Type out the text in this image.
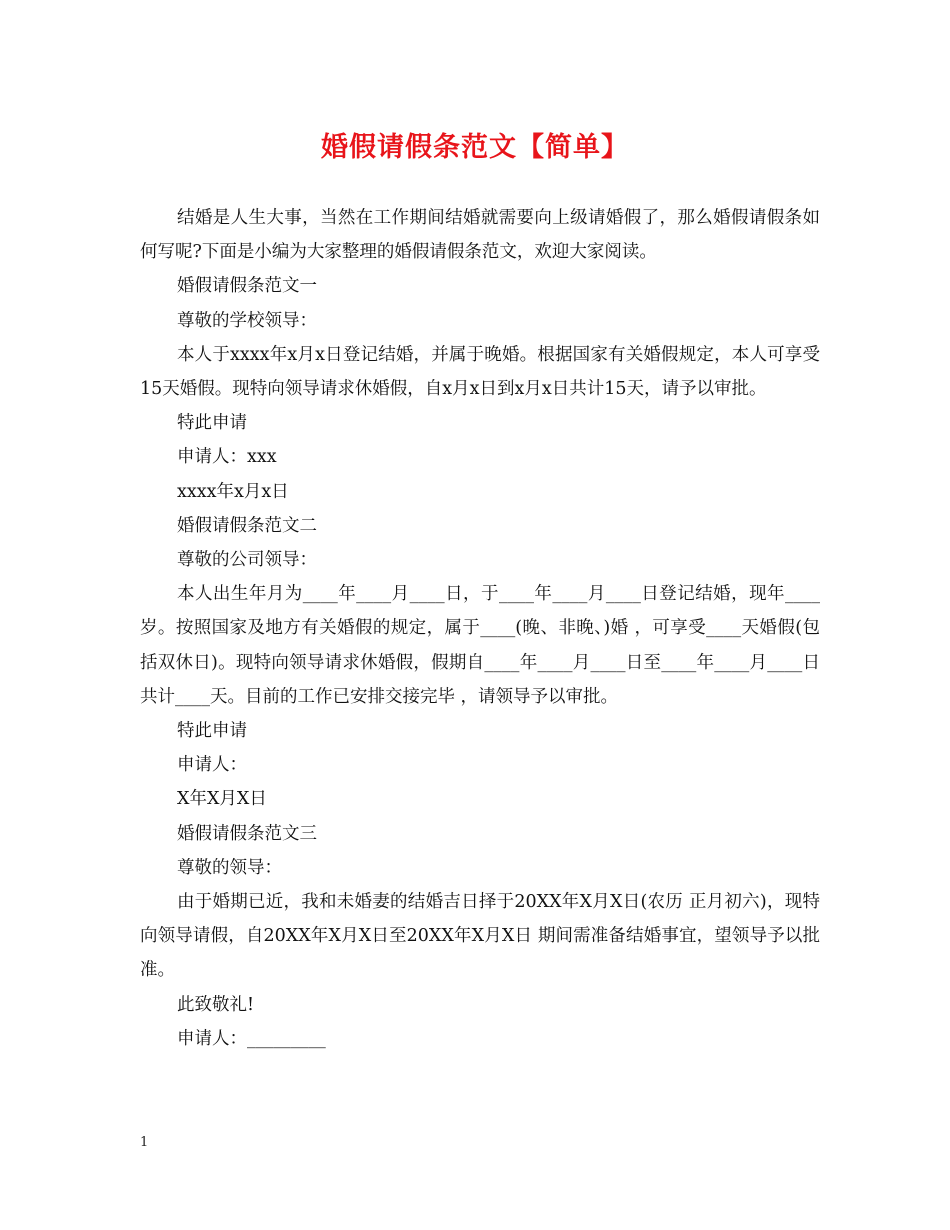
婚假请假条范文【简单】

结婚是人生大事，当然在工作期间结婚就需要向上级请婚假了，那么婚假请假条如何写呢?下面是小编为大家整理的婚假请假条范文，欢迎大家阅读。

婚假请假条范文一

尊敬的学校领导：

本人于xxxx年x月x日登记结婚，并属于晚婚。根据国家有关婚假规定，本人可享受15天婚假。现特向领导请求休婚假，自x月x日到x月x日共计15天，请予以审批。

特此申请

申请人：xxx

xxxx年x月x日

婚假请假条范文二

尊敬的公司领导：

本人出生年月为____年____月____日，于____年____月____日登记结婚，现年____岁。按照国家及地方有关婚假的规定，属于____(晚、非晚、)婚 ，可享受____天婚假(包括双休日)。现特向领导请求休婚假，假期自____年____月____日至____年____月____日共计____天。目前的工作已安排交接完毕 ，请领导予以审批。

特此申请

申请人：

X年X月X日

婚假请假条范文三

尊敬的领导：

由于婚期已近，我和未婚妻的结婚吉日择于20XX年X月X日(农历 正月初六)，现特向领导请假，自20XX年X月X日至20XX年X月X日 期间需准备结婚事宜，望领导予以批准。

此致敬礼!

申请人：_________

1
